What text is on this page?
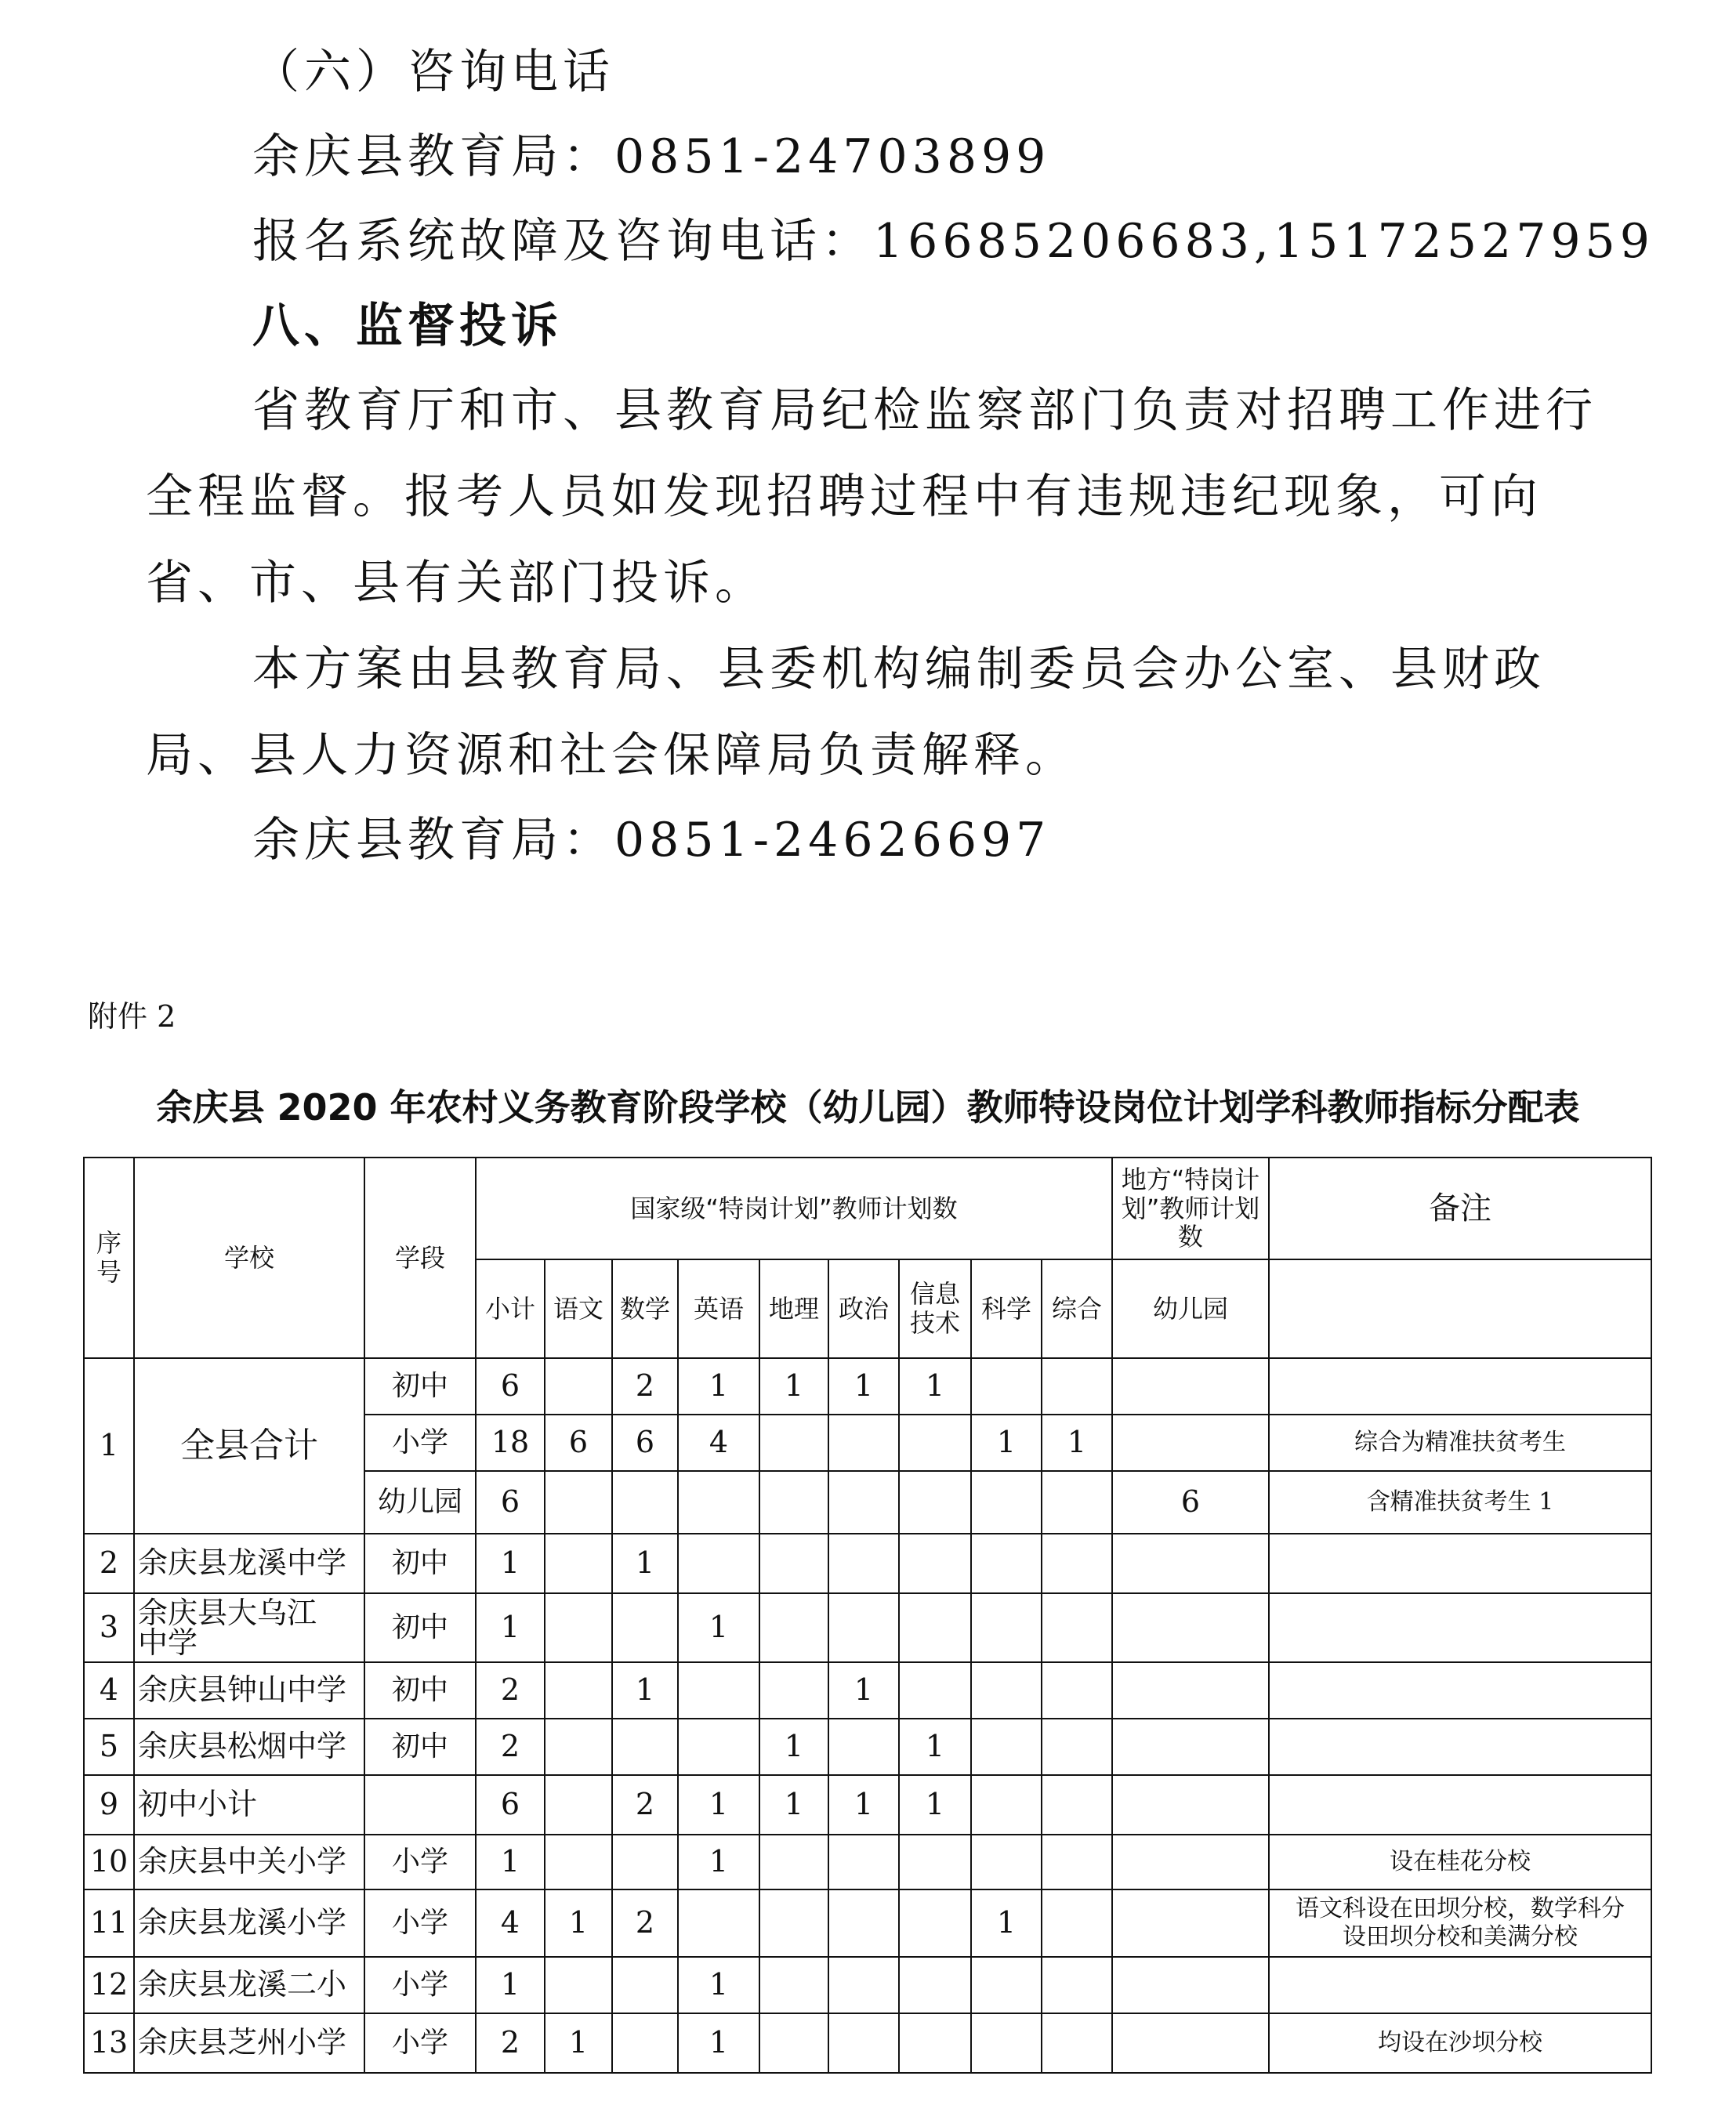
（六）咨询电话
余庆县教育局：0851-24703899
报名系统故障及咨询电话：16685206683,15172527959
八、监督投诉
省教育厅和市、县教育局纪检监察部门负责对招聘工作进行
全程监督。报考人员如发现招聘过程中有违规违纪现象，可向
省、市、县有关部门投诉。
本方案由县教育局、县委机构编制委员会办公室、县财政
局、县人力资源和社会保障局负责解释。
余庆县教育局：0851-24626697
附件 2
余庆县 2020 年农村义务教育阶段学校（幼儿园）教师特设岗位计划学科教师指标分配表
序号	学校	学段	国家级“特岗计划”教师计划数									地方“特岗计划”教师计划数	备注
			小计	语文	数学	英语	地理	政治	信息技术	科学	综合	幼儿园	
1	全县合计	初中	6		2	1	1	1	1				
		小学	18	6	6	4				1	1		综合为精准扶贫考生
		幼儿园	6									6	含精准扶贫考生 1
2	余庆县龙溪中学	初中	1		1								
3	余庆县大乌江中学	初中	1			1							
4	余庆县钟山中学	初中	2		1			1					
5	余庆县松烟中学	初中	2				1		1				
9	初中小计		6		2	1	1	1	1				
10	余庆县中关小学	小学	1			1							设在桂花分校
11	余庆县龙溪小学	小学	4	1	2					1			语文科设在田坝分校，数学科分设田坝分校和美满分校
12	余庆县龙溪二小	小学	1			1							
13	余庆县芝州小学	小学	2	1		1							均设在沙坝分校
